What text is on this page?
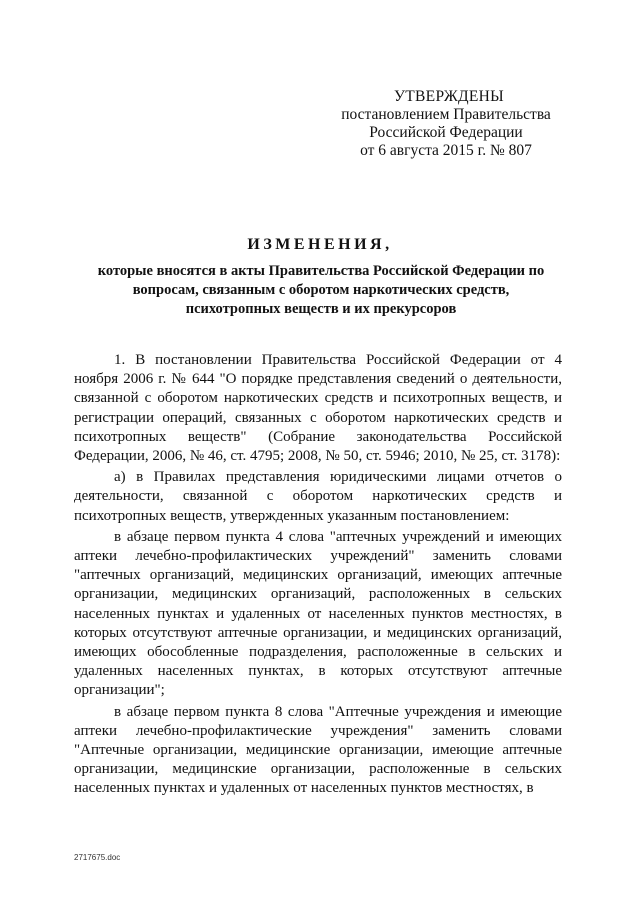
УТВЕРЖДЕНЫ
постановлением Правительства
Российской Федерации
от 6 августа 2015 г. № 807
ИЗМЕНЕНИЯ,
которые вносятся в акты Правительства Российской Федерации по вопросам, связанным с оборотом наркотических средств, психотропных веществ и их прекурсоров

1. В постановлении Правительства Российской Федерации от 4 ноября 2006 г. № 644 "О порядке представления сведений о деятельности, связанной с оборотом наркотических средств и психотропных веществ, и регистрации операций, связанных с оборотом наркотических средств и психотропных веществ" (Собрание законодательства Российской Федерации, 2006, № 46, ст. 4795; 2008, № 50, ст. 5946; 2010, № 25, ст. 3178):

а) в Правилах представления юридическими лицами отчетов о деятельности, связанной с оборотом наркотических средств и психотропных веществ, утвержденных указанным постановлением:

в абзаце первом пункта 4 слова "аптечных учреждений и имеющих аптеки лечебно-профилактических учреждений" заменить словами "аптечных организаций, медицинских организаций, имеющих аптечные организации, медицинских организаций, расположенных в сельских населенных пунктах и удаленных от населенных пунктов местностях, в которых отсутствуют аптечные организации, и медицинских организаций, имеющих обособленные подразделения, расположенные в сельских и удаленных населенных пунктах, в которых отсутствуют аптечные организации";

в абзаце первом пункта 8 слова "Аптечные учреждения и имеющие аптеки лечебно-профилактические учреждения" заменить словами "Аптечные организации, медицинские организации, имеющие аптечные организации, медицинские организации, расположенные в сельских населенных пунктах и удаленных от населенных пунктов местностях, в

2717675.doc
